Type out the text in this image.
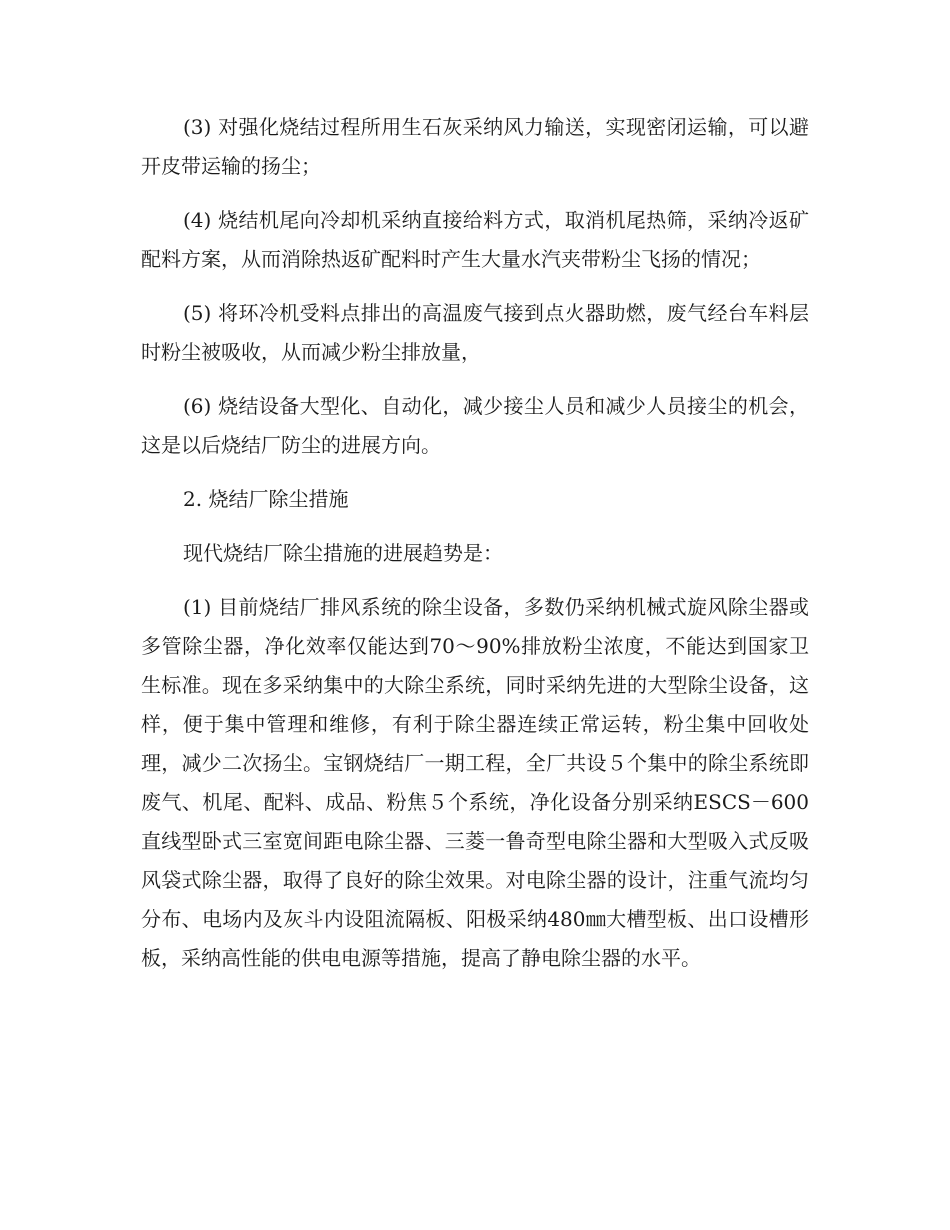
(3) 对强化烧结过程所用生石灰采纳风力输送，实现密闭运输，可以避开皮带运输的扬尘；

(4) 烧结机尾向冷却机采纳直接给料方式，取消机尾热筛，采纳冷返矿配料方案，从而消除热返矿配料时产生大量水汽夹带粉尘飞扬的情况；

(5) 将环冷机受料点排出的高温废气接到点火器助燃，废气经台车料层时粉尘被吸收，从而减少粉尘排放量，

(6) 烧结设备大型化、自动化，减少接尘人员和减少人员接尘的机会，这是以后烧结厂防尘的进展方向。

2. 烧结厂除尘措施

现代烧结厂除尘措施的进展趋势是：

(1) 目前烧结厂排风系统的除尘设备，多数仍采纳机械式旋风除尘器或多管除尘器，净化效率仅能达到70～90%排放粉尘浓度，不能达到国家卫生标准。现在多采纳集中的大除尘系统，同时采纳先进的大型除尘设备，这样，便于集中管理和维修，有利于除尘器连续正常运转，粉尘集中回收处理，减少二次扬尘。宝钢烧结厂一期工程，全厂共设５个集中的除尘系统即废气、机尾、配料、成品、粉焦５个系统，净化设备分别采纳ESCS－600直线型卧式三室宽间距电除尘器、三菱一鲁奇型电除尘器和大型吸入式反吸风袋式除尘器，取得了良好的除尘效果。对电除尘器的设计，注重气流均匀分布、电场内及灰斗内设阻流隔板、阳极采纳480㎜大槽型板、出口设槽形板，采纳高性能的供电电源等措施，提高了静电除尘器的水平。
